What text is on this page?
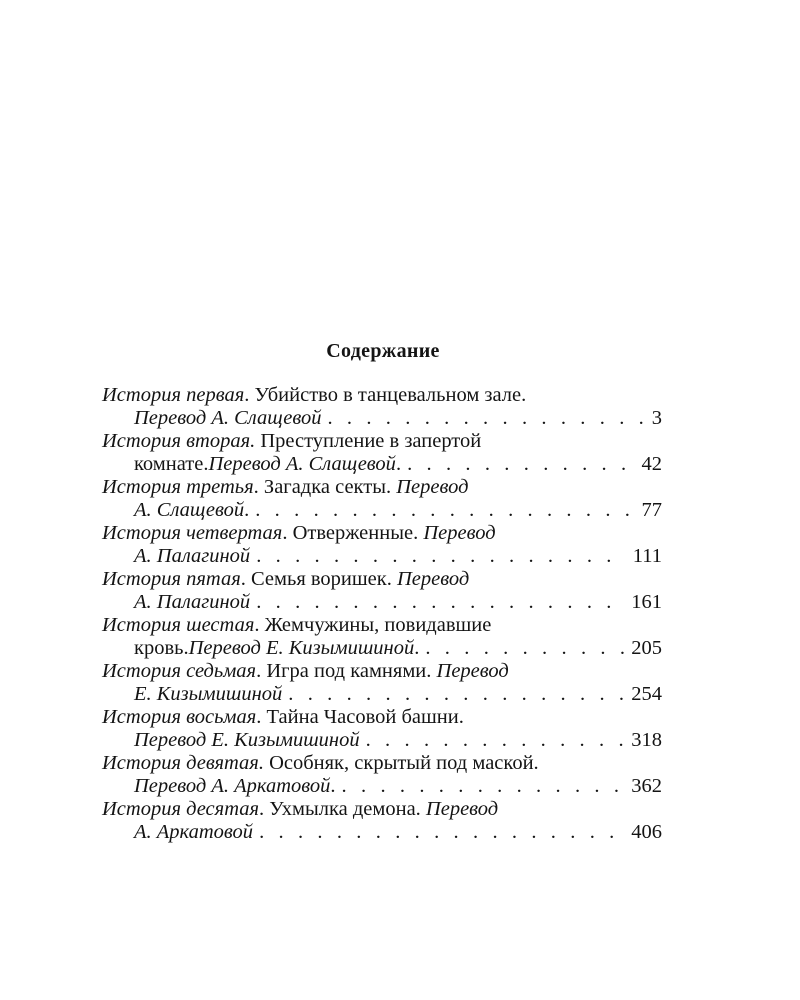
Содержание
История первая. Убийство в танцевальном зале.
Перевод А. Слащевой . . .	3
История вторая. Преступление в запертой
комнате. Перевод А. Слащевой . . . .	42
История третья. Загадка секты. Перевод
А. Слащевой . . . .	77
История четвертая. Отверженные. Перевод
А. Палагиной . . .	111
История пятая. Семья воришек. Перевод
А. Палагиной . . .	161
История шестая. Жемчужины, повидавшие
кровь. Перевод Е. Кизымишиной . . . .	205
История седьмая. Игра под камнями. Перевод
Е. Кизымишиной . . .	254
История восьмая. Тайна Часовой башни.
Перевод Е. Кизымишиной . . .	318
История девятая. Особняк, скрытый под маской.
Перевод А. Аркатовой . . . .	362
История десятая. Ухмылка демона. Перевод
А. Аркатовой . . .	406
